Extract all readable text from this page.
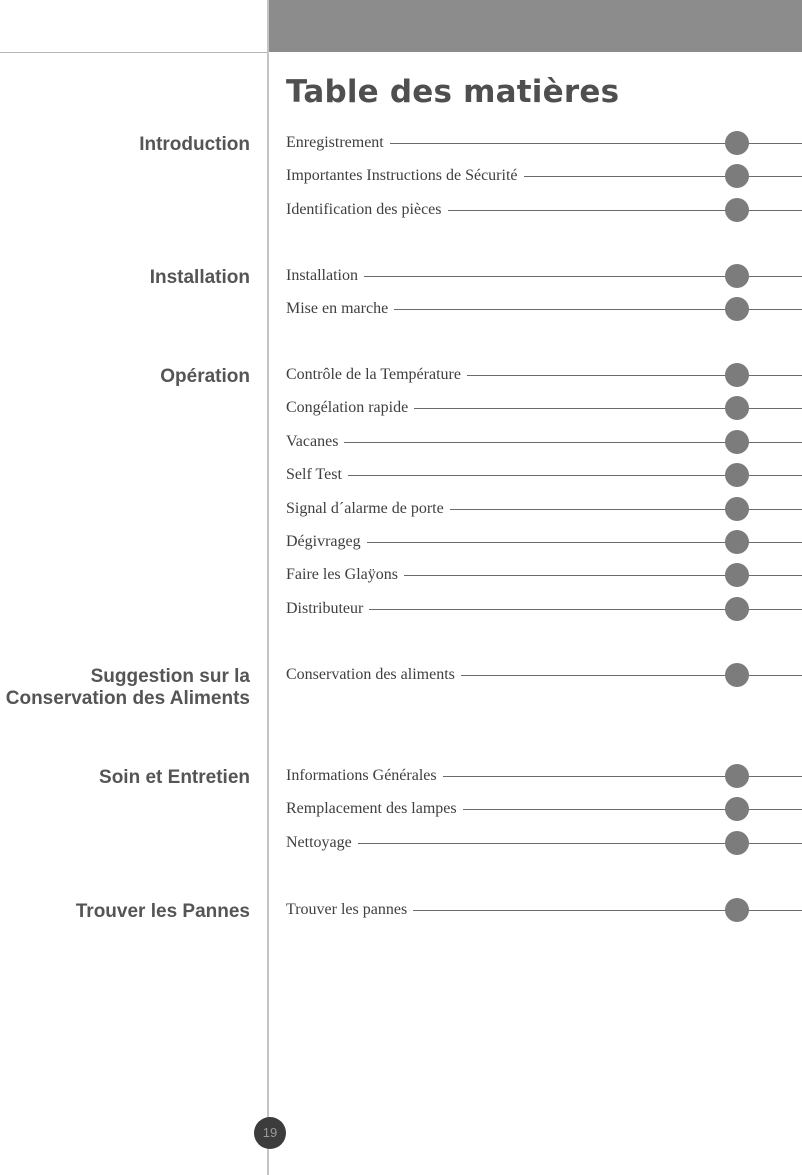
Table des matières
Introduction Enregistrement
Importantes Instructions de Sécurité
Identification des pièces
Installation Installation
Mise en marche
Opération Contrôle de la Température
Congélation rapide
Vacanes
Self Test
Signal d´alarme de porte
Dégivrageg
Faire les Glaÿons
Distributeur
Suggestion sur la Conservation des Aliments
Conservation des aliments
Soin et Entretien Informations Générales
Remplacement des lampes
Nettoyage
Trouver les Pannes Trouver les pannes
19
